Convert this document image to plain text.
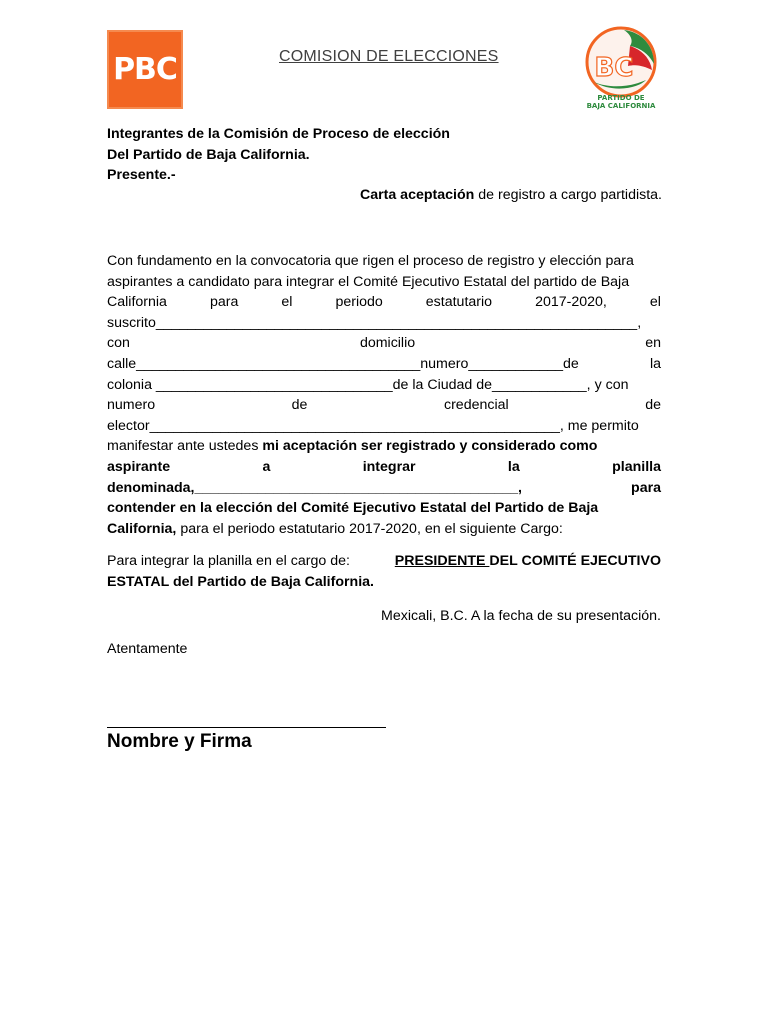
PBC	COMISION DE ELECCIONES	BC
PARTIDO DE
BAJA CALIFORNIA
Integrantes de la Comisión de Proceso de elección
Del Partido de Baja California.
Presente.-
Carta aceptación de registro a cargo partidista.
Con fundamento en la convocatoria que rigen el proceso de registro y elección para
aspirantes a candidato para integrar el Comité Ejecutivo Estatal del partido de Baja
California	para	el	periodo	estatutario	2017-2020,	el
suscrito_____________________________________________________________,
con	domicilio	en
calle____________________________________numero____________de	la
colonia ______________________________de la Ciudad de____________, y con
numero	de	credencial	de
elector____________________________________________________, me permito
manifestar ante ustedes mi aceptación ser registrado y considerado como
aspirante	a	integrar	la	planilla
denominada,_________________________________________,	para
contender en la elección del Comité Ejecutivo Estatal del Partido de Baja
California, para el periodo estatutario 2017-2020, en el siguiente Cargo:
Para integrar la planilla en el cargo de:	PRESIDENTE DEL COMITÉ EJECUTIVO
ESTATAL del Partido de Baja California.
Mexicali, B.C. A la fecha de su presentación.
Atentamente
Nombre y Firma
